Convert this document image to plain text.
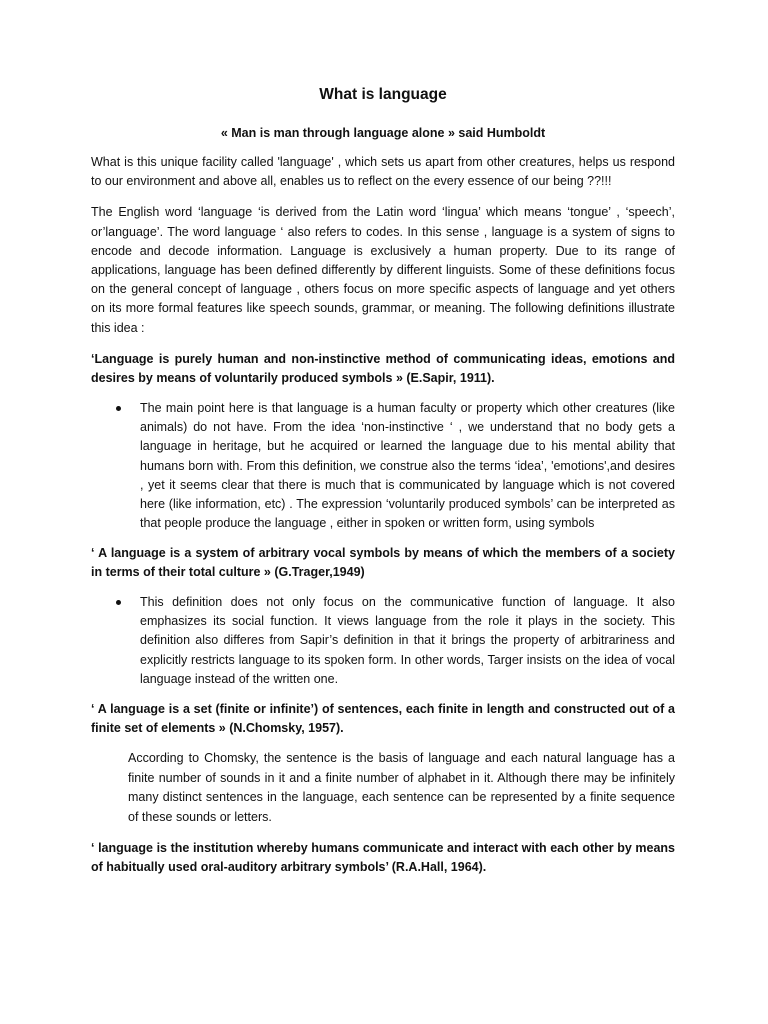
What is language
« Man is man through language alone » said Humboldt

What is this unique facility called 'language' , which sets us apart from other creatures, helps us respond to our environment and above all, enables us to reflect on the every essence of our being ??!!!

The English word ‘language ‘is derived from the Latin word ‘lingua’ which means ‘tongue’ , ‘speech’, or’language’. The word language ‘ also refers to codes. In this sense , language is a system of signs to encode and decode information. Language is exclusively a human property. Due to its range of applications, language has been defined differently by different linguists. Some of these definitions focus on the general concept of language , others focus on more specific aspects of language and yet others on its more formal features like speech sounds, grammar, or meaning. The following definitions illustrate this idea :

‘Language is purely human and non-instinctive method of communicating ideas, emotions and desires by means of voluntarily produced symbols » (E.Sapir, 1911).

The main point here is that language is a human faculty or property which other creatures (like animals) do not have. From the idea ‘non-instinctive ‘ , we understand that no body gets a language in heritage, but he acquired or learned the language due to his mental ability that humans born with. From this definition, we construe also the terms ‘idea’, 'emotions',and desires , yet it seems clear that there is much that is communicated by language which is not covered here (like information, etc) . The expression ‘voluntarily produced symbols’ can be interpreted as that people produce the language , either in spoken or written form, using symbols

‘ A language is a system of arbitrary vocal symbols by means of which the members of a society in terms of their total culture » (G.Trager,1949)

This definition does not only focus on the communicative function of language. It also emphasizes its social function. It views language from the role it plays in the society. This definition also differes from Sapir’s definition in that it brings the property of arbitrariness and explicitly restricts language to its spoken form. In other words, Targer insists on the idea of vocal language instead of the written one.

‘ A language is a set (finite or infinite’) of sentences, each finite in length and constructed out of a finite set of elements » (N.Chomsky, 1957).

According to Chomsky, the sentence is the basis of language and each natural language has a finite number of sounds in it and a finite number of alphabet in it. Although there may be infinitely many distinct sentences in the language, each sentence can be represented by a finite sequence of these sounds or letters.

‘ language is the institution whereby humans communicate and interact with each other by means of habitually used oral-auditory arbitrary symbols’ (R.A.Hall, 1964).
